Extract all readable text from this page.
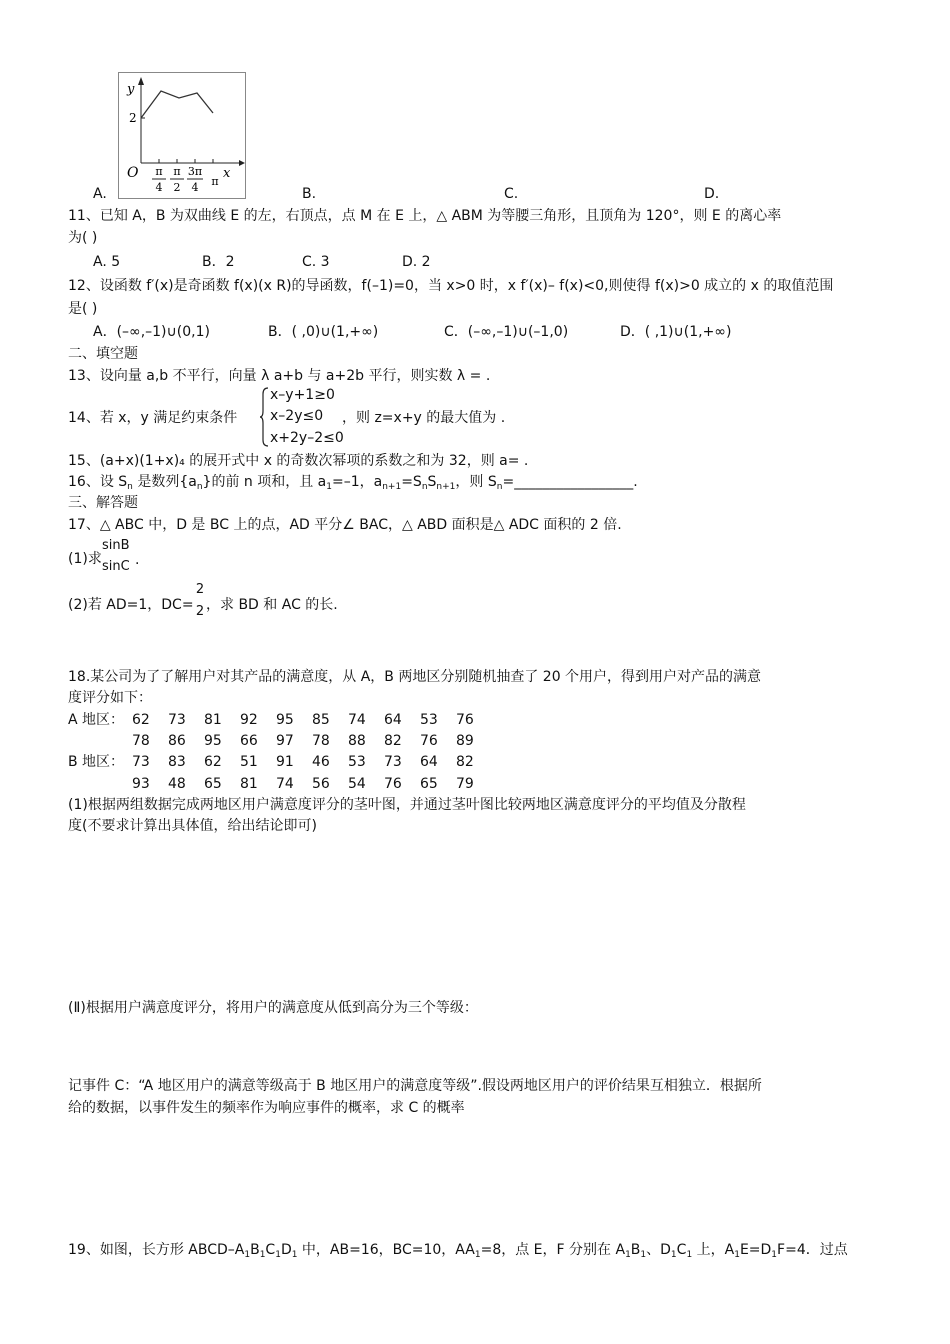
y
2
O	x
π
4
π
2
3π
4 π
A.	B.	C.	D.
11、已知 A，B 为双曲线 E 的左，右顶点，点 M 在 E 上，△ ABM 为等腰三角形，且顶角为 120°，则 E 的离心率
为( )
A. 5	B．2	C. 3	D. 2
12、设函数 f′(x)是奇函数 f(x)(x R)的导函数，f(–1)=0，当 x>0 时，x f′(x)– f(x)<0,则使得 f(x)>0 成立的 x 的取值范围
是( )
A．(–∞,–1)∪(0,1)	B．( ,0)∪(1,+∞)	C．(–∞,–1)∪(–1,0)	D．( ,1)∪(1,+∞)
二、填空题
13、设向量 a,b 不平行，向量 λ a+b 与 a+2b 平行，则实数 λ = .
14、若 x，y 满足约束条件
x–y+1≥0
x–2y≤0
x+2y–2≤0
，则 z=x+y 的最大值为 .
15、(a+x)(1+x)₄ 的展开式中 x 的奇数次幂项的系数之和为 32，则 a= .
16、设 $S_n$ 是数列$\{a_n\}$的前 n 项和，且 $a_1=-1$，$a_{n+1}=S_nS_{n+1}$，则 $S_n=\_\_\_\_\_\_\_\_\_\_\_\_\_\_\_\_\_$.
三、解答题
17、△ ABC 中，D 是 BC 上的点，AD 平分∠ BAC，△ ABD 面积是△ ADC 面积的 2 倍.
(1)求
sinB
sinC .
(2)若 AD=1，DC=
2
2 ，求 BD 和 AC 的长.
18.某公司为了了解用户对其产品的满意度，从 A，B 两地区分别随机抽查了 20 个用户，得到用户对产品的满意
度评分如下：
A 地区： 62 73 81 92 95 85 74 64 53 76
78 86 95 66 97 78 88 82 76 89
B 地区： 73 83 62 51 91 46 53 73 64 82
93 48 65 81 74 56 54 76 65 79
(1)根据两组数据完成两地区用户满意度评分的茎叶图，并通过茎叶图比较两地区满意度评分的平均值及分散程
度(不要求计算出具体值，给出结论即可)
(Ⅱ)根据用户满意度评分，将用户的满意度从低到高分为三个等级：
记事件 C：“A 地区用户的满意等级高于 B 地区用户的满意度等级”.假设两地区用户的评价结果互相独立．根据所
给的数据，以事件发生的频率作为响应事件的概率，求 C 的概率
19、如图，长方形 ABCD–$A_1B_1C_1D_1$ 中，AB=16，BC=10，$AA_1=8$，点 E，F 分别在 $A_1B_1$、$D_1C_1$ 上，$A_1E=D_1F=4$．过点
